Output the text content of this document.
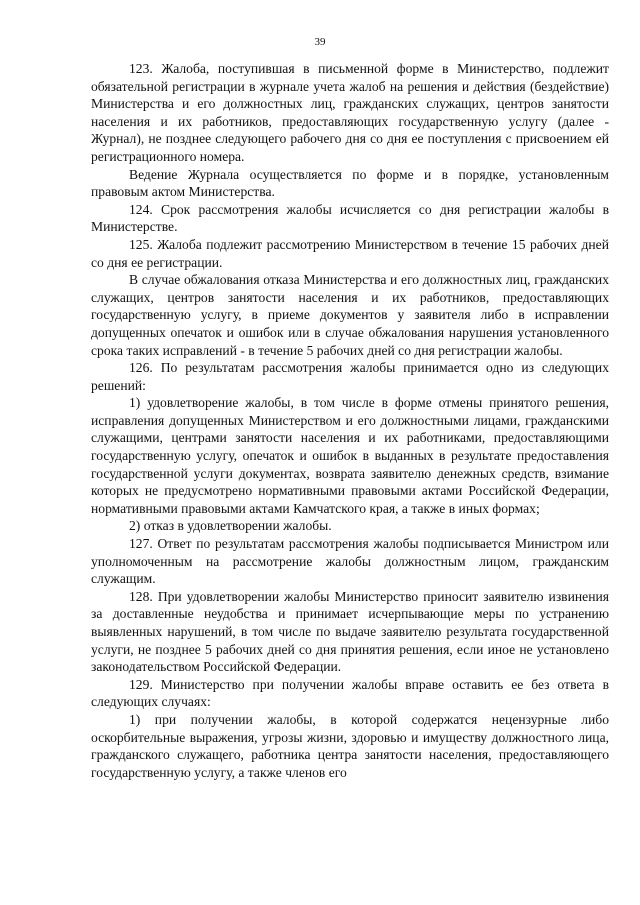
39

123. Жалоба, поступившая в письменной форме в Министерство, подлежит обязательной регистрации в журнале учета жалоб на решения и действия (бездействие) Министерства и его должностных лиц, гражданских служащих, центров занятости населения и их работников, предоставляющих государственную услугу (далее - Журнал), не позднее следующего рабочего дня со дня ее поступления с присвоением ей регистрационного номера.

Ведение Журнала осуществляется по форме и в порядке, установленным правовым актом Министерства.

124. Срок рассмотрения жалобы исчисляется со дня регистрации жалобы в Министерстве.

125. Жалоба подлежит рассмотрению Министерством в течение 15 рабочих дней со дня ее регистрации.

В случае обжалования отказа Министерства и его должностных лиц, гражданских служащих, центров занятости населения и их работников, предоставляющих государственную услугу, в приеме документов у заявителя либо в исправлении допущенных опечаток и ошибок или в случае обжалования нарушения установленного срока таких исправлений - в течение 5 рабочих дней со дня регистрации жалобы.

126. По результатам рассмотрения жалобы принимается одно из следующих решений:

1) удовлетворение жалобы, в том числе в форме отмены принятого решения, исправления допущенных Министерством и его должностными лицами, гражданскими служащими, центрами занятости населения и их работниками, предоставляющими государственную услугу, опечаток и ошибок в выданных в результате предоставления государственной услуги документах, возврата заявителю денежных средств, взимание которых не предусмотрено нормативными правовыми актами Российской Федерации, нормативными правовыми актами Камчатского края, а также в иных формах;

2) отказ в удовлетворении жалобы.

127. Ответ по результатам рассмотрения жалобы подписывается Министром или уполномоченным на рассмотрение жалобы должностным лицом, гражданским служащим.

128. При удовлетворении жалобы Министерство приносит заявителю извинения за доставленные неудобства и принимает исчерпывающие меры по устранению выявленных нарушений, в том числе по выдаче заявителю результата государственной услуги, не позднее 5 рабочих дней со дня принятия решения, если иное не установлено законодательством Российской Федерации.

129. Министерство при получении жалобы вправе оставить ее без ответа в следующих случаях:

1) при получении жалобы, в которой содержатся нецензурные либо оскорбительные выражения, угрозы жизни, здоровью и имуществу должностного лица, гражданского служащего, работника центра занятости населения, предоставляющего государственную услугу, а также членов его
